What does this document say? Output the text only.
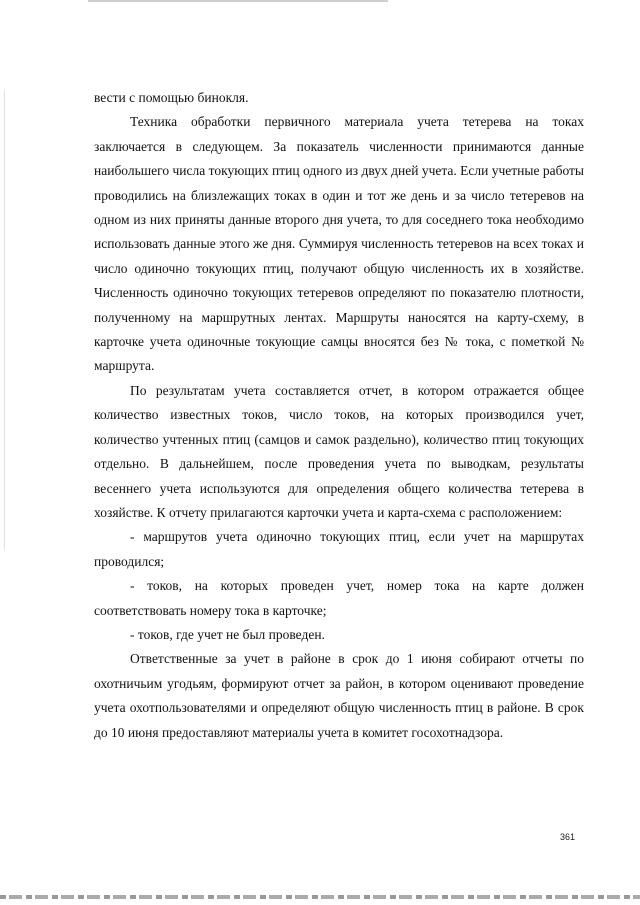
вести с помощью бинокля.

Техника обработки первичного материала учета тетерева на токах заключается в следующем. За показатель численности принимаются данные наибольшего числа токующих птиц одного из двух дней учета. Если учетные работы проводились на близлежащих токах в один и тот же день и за число тетеревов на одном из них приняты данные второго дня учета, то для соседнего тока необходимо использовать данные этого же дня. Суммируя численность тетеревов на всех токах и число одиночно токующих птиц, получают общую численность их в хозяйстве. Численность одиночно токующих тетеревов определяют по показателю плотности, полученному на маршрутных лентах. Маршруты наносятся на карту-схему, в карточке учета одиночные токующие самцы вносятся без № тока, с пометкой № маршрута.

По результатам учета составляется отчет, в котором отражается общее количество известных токов, число токов, на которых производился учет, количество учтенных птиц (самцов и самок раздельно), количество птиц токующих отдельно. В дальнейшем, после проведения учета по выводкам, результаты весеннего учета используются для определения общего количества тетерева в хозяйстве. К отчету прилагаются карточки учета и карта-схема с расположением:

- маршрутов учета одиночно токующих птиц, если учет на маршрутах проводился;

- токов, на которых проведен учет, номер тока на карте должен соответствовать номеру тока в карточке;

- токов, где учет не был проведен.

Ответственные за учет в районе в срок до 1 июня собирают отчеты по охотничьим угодьям, формируют отчет за район, в котором оценивают проведение учета охотпользователями и определяют общую численность птиц в районе. В срок до 10 июня предоставляют материалы учета в комитет госохотнадзора.

361
